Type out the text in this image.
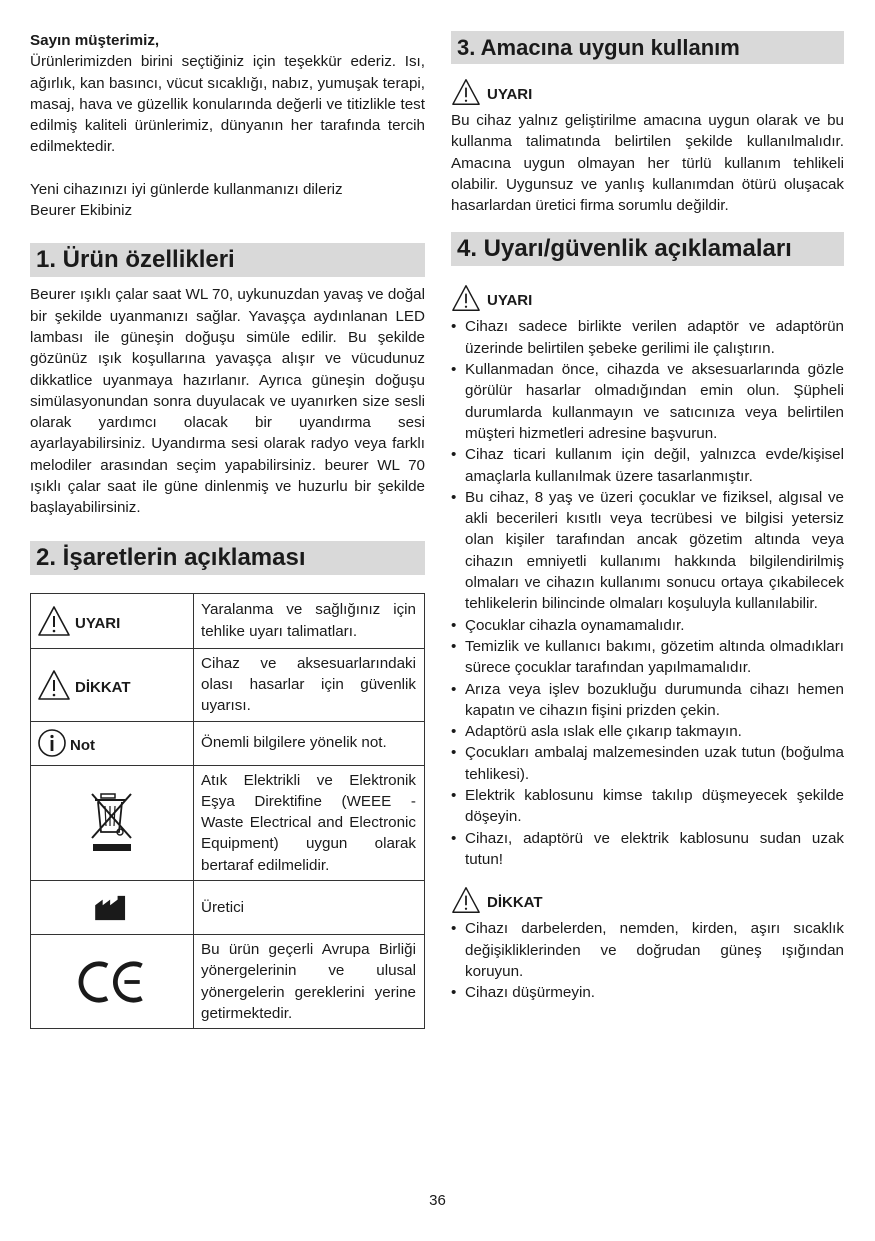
Sayın müşterimiz,

Ürünlerimizden birini seçtiğiniz için teşekkür ederiz. Isı, ağırlık, kan basıncı, vücut sıcaklığı, nabız, yumuşak terapi, masaj, hava ve güzellik konularında değerli ve titizlikle test edilmiş kaliteli ürünlerimiz, dünyanın her tarafında tercih edilmektedir.

Yeni cihazınızı iyi günlerde kullanmanızı dileriz
Beurer Ekibiniz
1. Ürün özellikleri

Beurer ışıklı çalar saat WL 70, uykunuzdan yavaş ve doğal bir şekilde uyanmanızı sağlar. Yavaşça aydınlanan LED lambası ile güneşin doğuşu simüle edilir. Bu şekilde gözünüz ışık koşullarına yavaşça alışır ve vücudunuz dikkatlice uyanmaya hazırlanır. Ayrıca güneşin doğuşu simülasyonundan sonra duyulacak ve uyanırken size sesli olarak yardımcı olacak bir uyandırma sesi ayarlayabilirsiniz. Uyandırma sesi olarak radyo veya farklı melodiler arasından seçim yapabilirsiniz. beurer WL 70 ışıklı çalar saat ile güne dinlenmiş ve huzurlu bir şekilde başlayabilirsiniz.

2. İşaretlerin açıklaması
UYARI	Yaralanma ve sağlığınız için tehlike uyarı talimatları.

DİKKAT	Cihaz ve aksesuarlarındaki olası hasarlar için güvenlik uyarısı.

Not	Önemli bilgilere yönelik not.

	Atık Elektrikli ve Elektronik Eşya Direktifine (WEEE - Waste Electrical and Electronic Equipment) uygun olarak bertaraf edilmelidir.

	Üretici

	Bu ürün geçerli Avrupa Birliği yönergelerinin ve ulusal yönergelerin gereklerini yerine getirmektedir.
3. Amacına uygun kullanım
UYARI

Bu cihaz yalnız geliştirilme amacına uygun olarak ve bu kullanma talimatında belirtilen şekilde kullanılmalıdır. Amacına uygun olmayan her türlü kullanım tehlikeli olabilir. Uygunsuz ve yanlış kullanımdan ötürü oluşacak hasarlardan üretici firma sorumlu değildir.

4. Uyarı/güvenlik açıklamaları
UYARI
• Cihazı sadece birlikte verilen adaptör ve adaptörün üzerinde belirtilen şebeke gerilimi ile çalıştırın.
• Kullanmadan önce, cihazda ve aksesuarlarında gözle görülür hasarlar olmadığından emin olun. Şüpheli durumlarda kullanmayın ve satıcınıza veya belirtilen müşteri hizmetleri adresine başvurun.
• Cihaz ticari kullanım için değil, yalnızca evde/kişisel amaçlarla kullanılmak üzere tasarlanmıştır.
• Bu cihaz, 8 yaş ve üzeri çocuklar ve fiziksel, algısal ve akli becerileri kısıtlı veya tecrübesi ve bilgisi yetersiz olan kişiler tarafından ancak gözetim altında veya cihazın emniyetli kullanımı hakkında bilgilendirilmiş olmaları ve cihazın kullanımı sonucu ortaya çıkabilecek tehlikelerin bilincinde olmaları koşuluyla kullanılabilir.
• Çocuklar cihazla oynamamalıdır.
• Temizlik ve kullanıcı bakımı, gözetim altında olmadıkları sürece çocuklar tarafından yapılmamalıdır.
• Arıza veya işlev bozukluğu durumunda cihazı hemen kapatın ve cihazın fişini prizden çekin.
• Adaptörü asla ıslak elle çıkarıp takmayın.
• Çocukları ambalaj malzemesinden uzak tutun (boğulma tehlikesi).
• Elektrik kablosunu kimse takılıp düşmeyecek şekilde döşeyin.
• Cihazı, adaptörü ve elektrik kablosunu sudan uzak tutun!
DİKKAT
• Cihazı darbelerden, nemden, kirden, aşırı sıcaklık değişikliklerinden ve doğrudan güneş ışığından koruyun.
• Cihazı düşürmeyin.
36
